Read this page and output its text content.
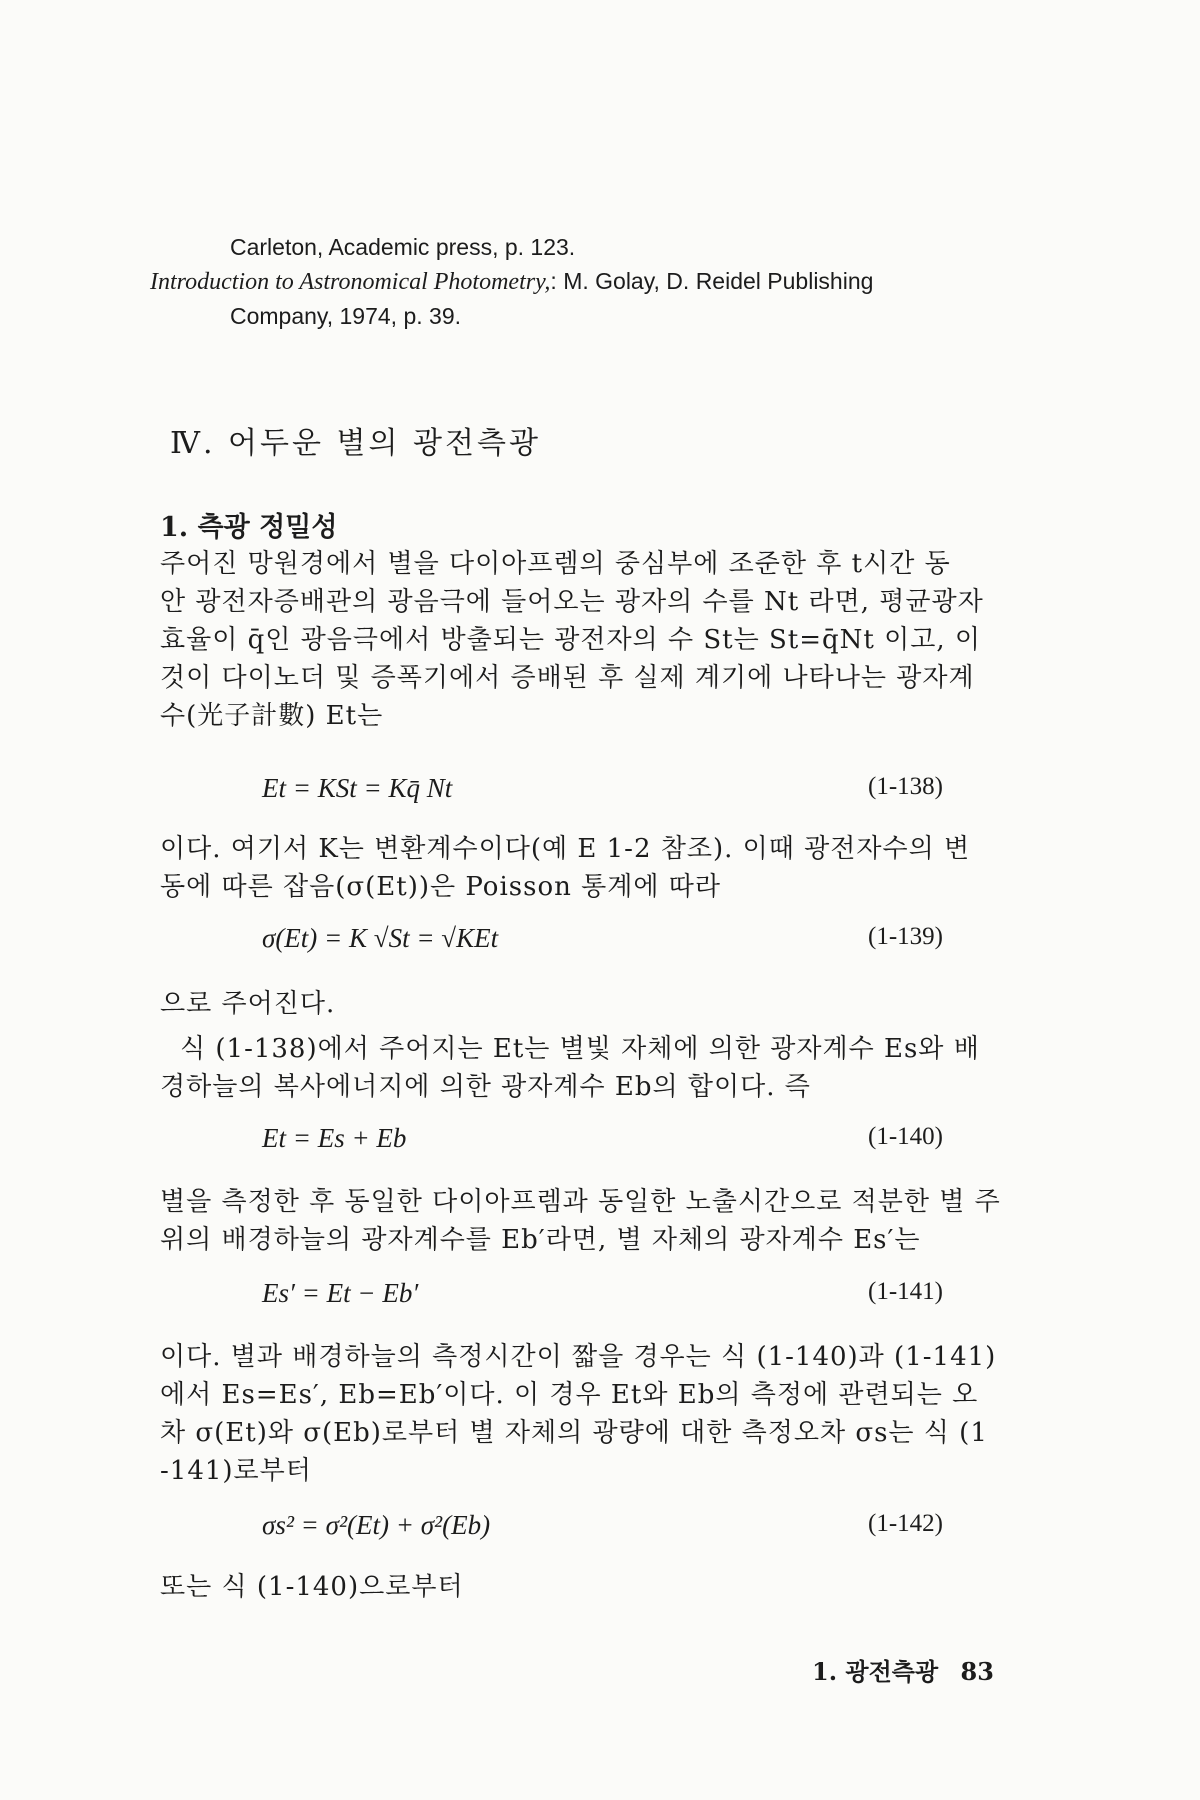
Carleton, Academic press, p. 123.
Introduction to Astronomical Photometry,: M. Golay, D. Reidel Publishing
Company, 1974, p. 39.
Ⅳ. 어두운 별의 광전측광
1. 측광 정밀성
주어진 망원경에서 별을 다이아프렘의 중심부에 조준한 후 t시간 동
안 광전자증배관의 광음극에 들어오는 광자의 수를 Nt 라면, 평균광자
효율이 q̄인 광음극에서 방출되는 광전자의 수 St는 St=q̄Nt 이고, 이
것이 다이노더 및 증폭기에서 증배된 후 실제 계기에 나타나는 광자계
수(光子計數) Et는
Et = KSt = Kq̄ Nt	(1-138)
이다. 여기서 K는 변환계수이다(예 E 1-2 참조). 이때 광전자수의 변
동에 따른 잡음(σ(Et))은 Poisson 통계에 따라
σ(Et) = K √St = √KEt	(1-139)
으로 주어진다.
식 (1-138)에서 주어지는 Et는 별빛 자체에 의한 광자계수 Es와 배
경하늘의 복사에너지에 의한 광자계수 Eb의 합이다. 즉
Et = Es + Eb	(1-140)
별을 측정한 후 동일한 다이아프렘과 동일한 노출시간으로 적분한 별 주
위의 배경하늘의 광자계수를 Eb′라면, 별 자체의 광자계수 Es′는
Es′ = Et − Eb′	(1-141)
이다. 별과 배경하늘의 측정시간이 짧을 경우는 식 (1-140)과 (1-141)
에서 Es=Es′, Eb=Eb′이다. 이 경우 Et와 Eb의 측정에 관련되는 오
차 σ(Et)와 σ(Eb)로부터 별 자체의 광량에 대한 측정오차 σs는 식 (1
-141)로부터
σs² = σ²(Et) + σ²(Eb)	(1-142)
또는 식 (1-140)으로부터
1. 광전측광 83
